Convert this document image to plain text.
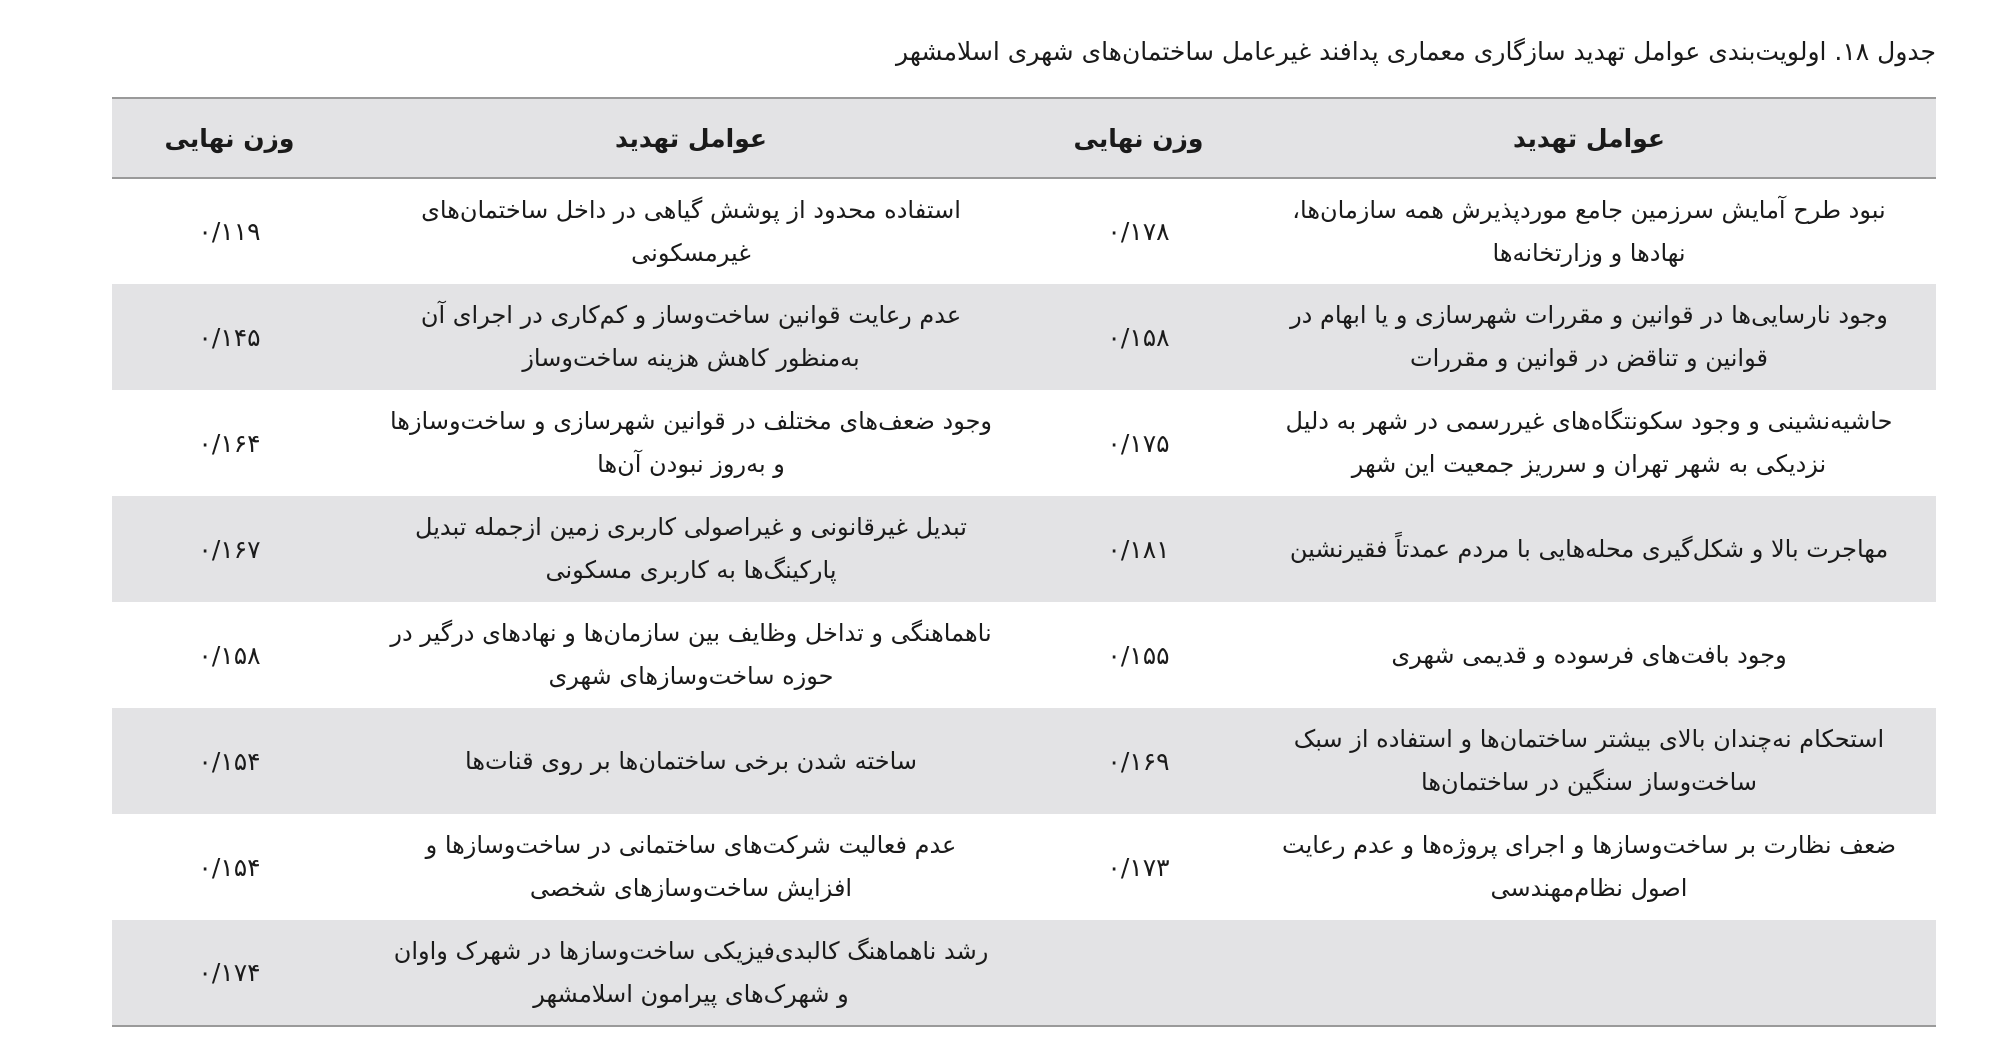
جدول ۱۸. اولویت‌بندی عوامل تهدید سازگاری معماری پدافند غیرعامل ساختمان‌های شهری اسلامشهر
عوامل تهدید	وزن نهایی	عوامل تهدید	وزن نهایی
نبود طرح آمایش سرزمین جامع موردپذیرش همه سازمان‌ها، نهادها و وزارتخانه‌ها	۰/۱۷۸	استفاده محدود از پوشش گیاهی در داخل ساختمان‌های غیرمسکونی	۰/۱۱۹
وجود نارسایی‌ها در قوانین و مقررات شهرسازی و یا ابهام در قوانین و تناقض در قوانین و مقررات	۰/۱۵۸	عدم رعایت قوانین ساخت‌وساز و کم‌کاری در اجرای آن به‌منظور کاهش هزینه ساخت‌وساز	۰/۱۴۵
حاشیه‌نشینی و وجود سکونتگاه‌های غیررسمی در شهر به دلیل نزدیکی به شهر تهران و سرریز جمعیت این شهر	۰/۱۷۵	وجود ضعف‌های مختلف در قوانین شهرسازی و ساخت‌وسازها و به‌روز نبودن آن‌ها	۰/۱۶۴
مهاجرت بالا و شکل‌گیری محله‌هایی با مردم عمدتاً فقیرنشین	۰/۱۸۱	تبدیل غیرقانونی و غیراصولی کاربری زمین ازجمله تبدیل پارکینگ‌ها به کاربری مسکونی	۰/۱۶۷
وجود بافت‌های فرسوده و قدیمی شهری	۰/۱۵۵	ناهماهنگی و تداخل وظایف بین سازمان‌ها و نهادهای درگیر در حوزه ساخت‌وسازهای شهری	۰/۱۵۸
استحکام نه‌چندان بالای بیشتر ساختمان‌ها و استفاده از سبک ساخت‌وساز سنگین در ساختمان‌ها	۰/۱۶۹	ساخته شدن برخی ساختمان‌ها بر روی قنات‌ها	۰/۱۵۴
ضعف نظارت بر ساخت‌وسازها و اجرای پروژه‌ها و عدم رعایت اصول نظام‌مهندسی	۰/۱۷۳	عدم فعالیت شرکت‌های ساختمانی در ساخت‌وسازها و افزایش ساخت‌وسازهای شخصی	۰/۱۵۴
		رشد ناهماهنگ کالبدی‌فیزیکی ساخت‌وسازها در شهرک واوان و شهرک‌های پیرامون اسلامشهر	۰/۱۷۴
